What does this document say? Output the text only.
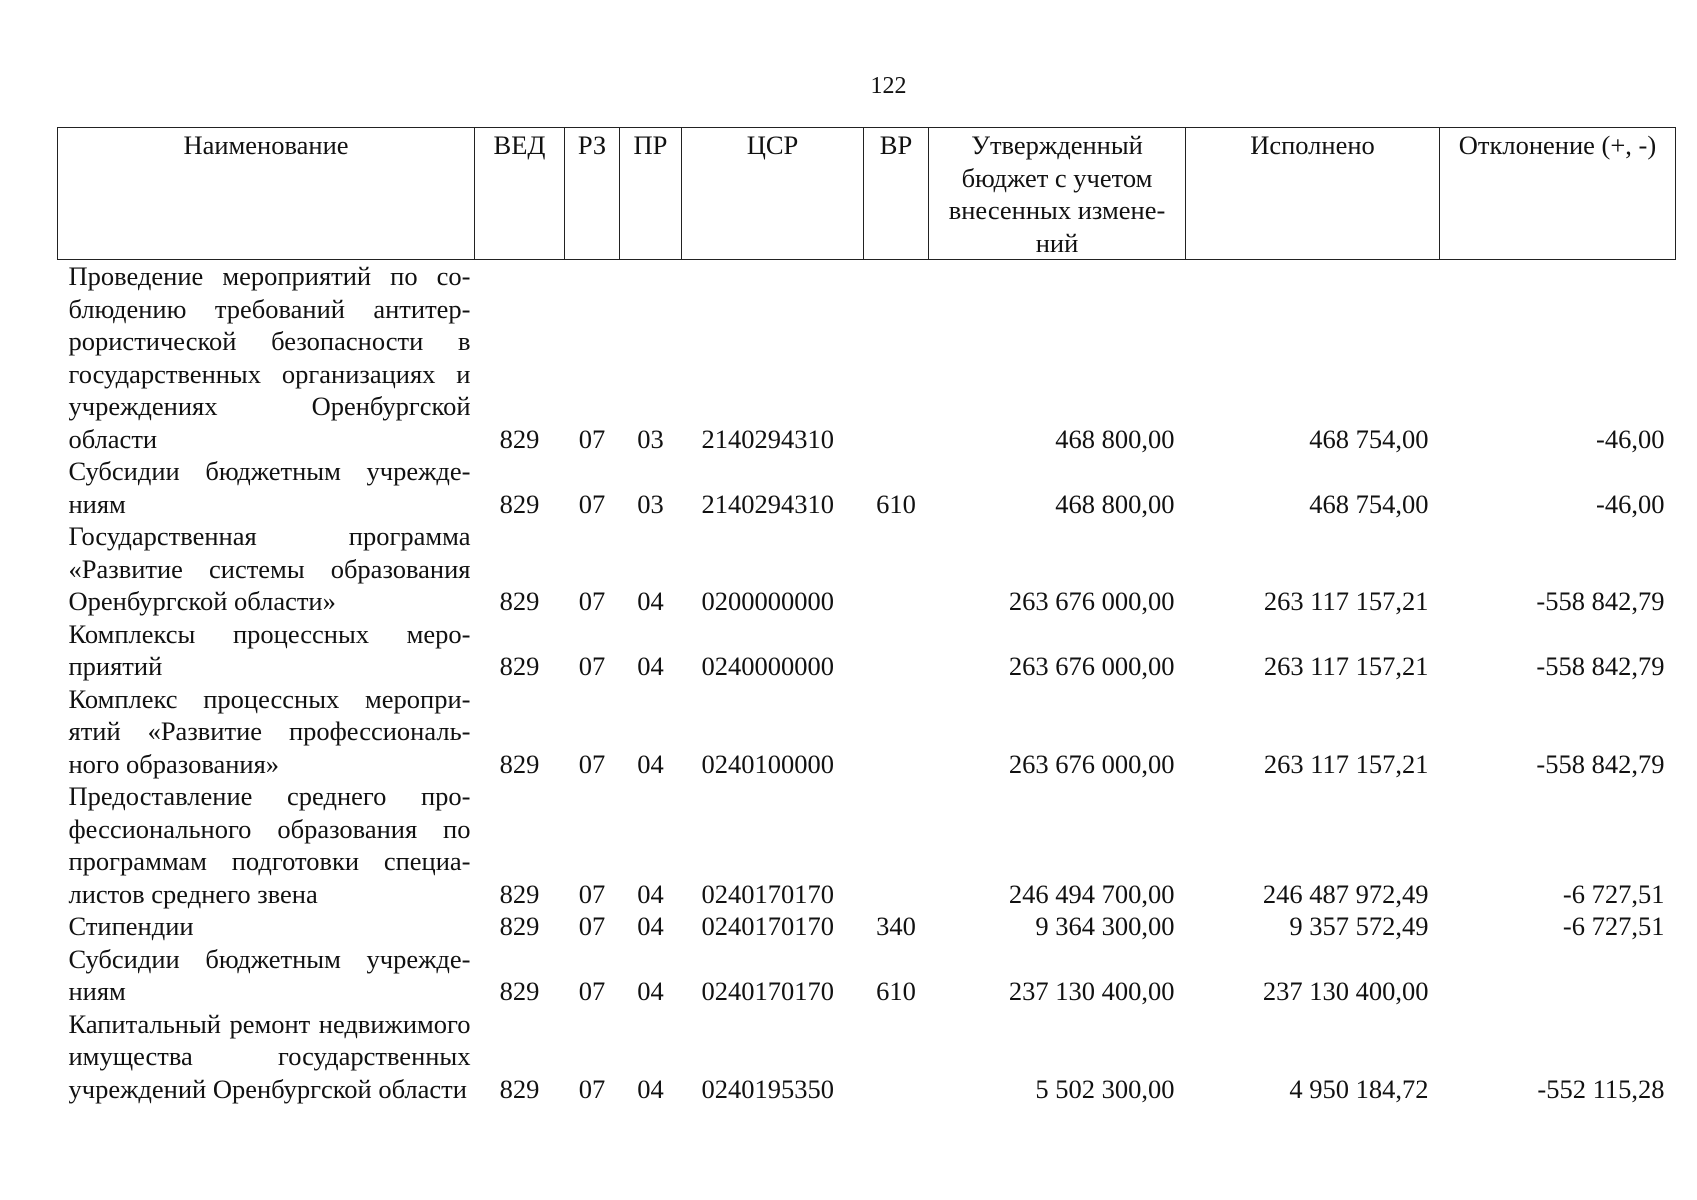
122
Наименование	ВЕД	РЗ	ПР	ЦСР	ВР	Утвержденный бюджет с учетом внесенных изменений	Исполнено	Отклонение (+, -)
Проведение мероприятий по соблюдению требований антитеррористической безопасности в государственных организациях и учреждениях Оренбургской области	829	07	03	2140294310		468 800,00	468 754,00	-46,00
Субсидии бюджетным учреждениям	829	07	03	2140294310	610	468 800,00	468 754,00	-46,00
Государственная программа «Развитие системы образования Оренбургской области»	829	07	04	0200000000		263 676 000,00	263 117 157,21	-558 842,79
Комплексы процессных мероприятий	829	07	04	0240000000		263 676 000,00	263 117 157,21	-558 842,79
Комплекс процессных мероприятий «Развитие профессионального образования»	829	07	04	0240100000		263 676 000,00	263 117 157,21	-558 842,79
Предоставление среднего профессионального образования по программам подготовки специалистов среднего звена	829	07	04	0240170170		246 494 700,00	246 487 972,49	-6 727,51
Стипендии	829	07	04	0240170170	340	9 364 300,00	9 357 572,49	-6 727,51
Субсидии бюджетным учреждениям	829	07	04	0240170170	610	237 130 400,00	237 130 400,00	
Капитальный ремонт недвижимого имущества государственных учреждений Оренбургской области	829	07	04	0240195350		5 502 300,00	4 950 184,72	-552 115,28
